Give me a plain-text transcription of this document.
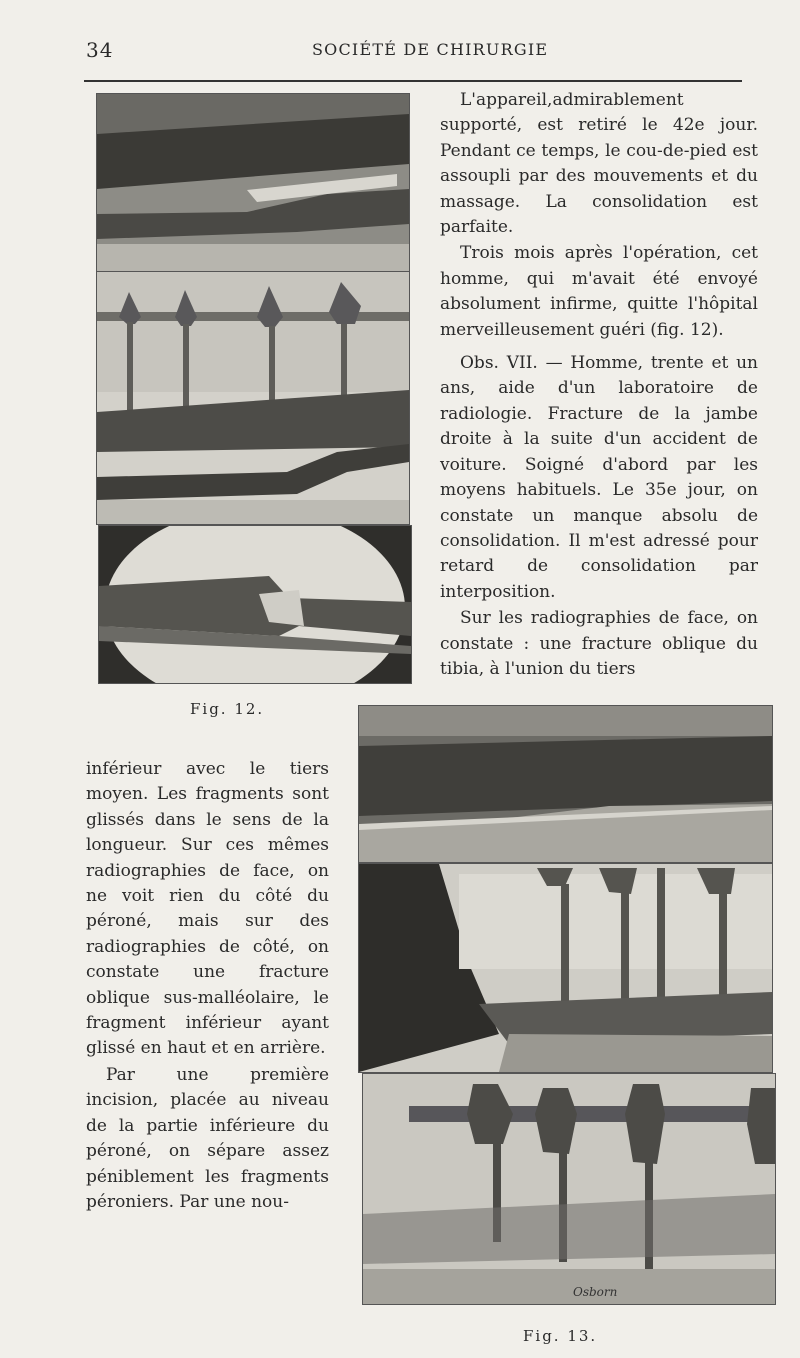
34	SOCIÉTÉ DE CHIRURGIE
Fig. 12.

L'appareil,admirablement supporté, est retiré le 42e jour. Pendant ce temps, le cou-de-pied est assoupli par des mouvements et du massage. La consolidation est parfaite.

Trois mois après l'opération, cet homme, qui m'avait été envoyé absolument infirme, quitte l'hôpital merveilleusement guéri (fig. 12).

Obs. VII. — Homme, trente et un ans, aide d'un laboratoire de radiologie. Fracture de la jambe droite à la suite d'un accident de voiture. Soigné d'abord par les moyens habituels. Le 35e jour, on constate un manque absolu de consolidation. Il m'est adressé pour retard de consolidation par interposition.

Sur les radiographies de face, on constate : une fracture oblique du tibia, à l'union du tiers

inférieur avec le tiers moyen. Les fragments sont glissés dans le sens de la longueur. Sur ces mêmes radiographies de face, on ne voit rien du côté du péroné, mais sur des radiographies de côté, on constate une fracture oblique sus-malléolaire, le fragment inférieur ayant glissé en haut et en arrière.

Par une première incision, placée au niveau de la partie inférieure du péroné, on sépare assez péniblement les fragments péroniers. Par une nou-

Osborn
Fig. 13.
